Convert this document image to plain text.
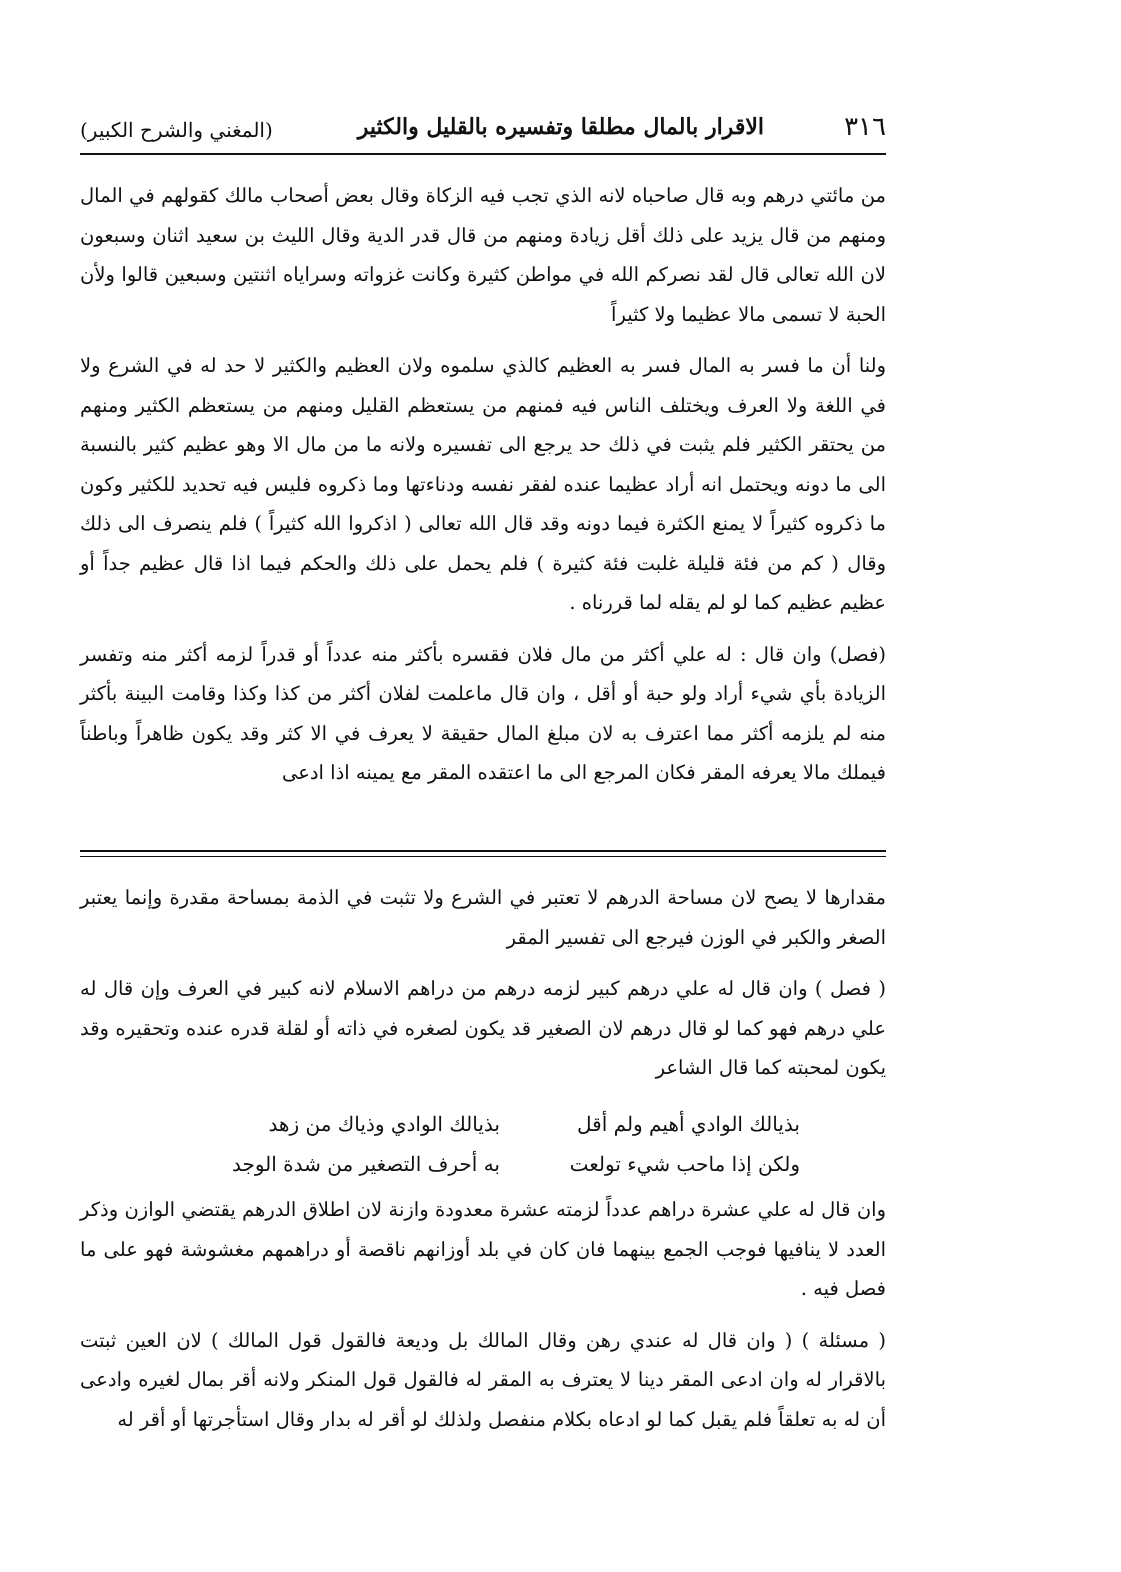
٣١٦
الاقرار بالمال مطلقا وتفسيره بالقليل والكثير
(المغني والشرح الكبير)

من مائتي درهم وبه قال صاحباه لانه الذي تجب فيه الزكاة وقال بعض أصحاب مالك كقولهم في المال ومنهم من قال يزيد على ذلك أقل زيادة ومنهم من قال قدر الدية وقال الليث بن سعيد اثنان وسبعون لان الله تعالى قال لقد نصركم الله في مواطن كثيرة وكانت غزواته وسراياه اثنتين وسبعين قالوا ولأن الحبة لا تسمى مالا عظيما ولا كثيراً

ولنا أن ما فسر به المال فسر به العظيم كالذي سلموه ولان العظيم والكثير لا حد له في الشرع ولا في اللغة ولا العرف ويختلف الناس فيه فمنهم من يستعظم القليل ومنهم من يستعظم الكثير ومنهم من يحتقر الكثير فلم يثبت في ذلك حد يرجع الى تفسيره ولانه ما من مال الا وهو عظيم كثير بالنسبة الى ما دونه ويحتمل انه أراد عظيما عنده لفقر نفسه ودناءتها وما ذكروه فليس فيه تحديد للكثير وكون ما ذكروه كثيراً لا يمنع الكثرة فيما دونه وقد قال الله تعالى ( اذكروا الله كثيراً ) فلم ينصرف الى ذلك وقال ( كم من فئة قليلة غلبت فئة كثيرة ) فلم يحمل على ذلك والحكم فيما اذا قال عظيم جداً أو عظيم عظيم كما لو لم يقله لما قررناه .

(فصل) وان قال : له علي أكثر من مال فلان فقسره بأكثر منه عدداً أو قدراً لزمه أكثر منه وتفسر الزيادة بأي شيء أراد ولو حبة أو أقل ، وان قال ماعلمت لفلان أكثر من كذا وكذا وقامت البينة بأكثر منه لم يلزمه أكثر مما اعترف به لان مبلغ المال حقيقة لا يعرف في الا كثر وقد يكون ظاهراً وباطناً فيملك مالا يعرفه المقر فكان المرجع الى ما اعتقده المقر مع يمينه اذا ادعى

مقدارها لا يصح لان مساحة الدرهم لا تعتبر في الشرع ولا تثبت في الذمة بمساحة مقدرة وإنما يعتبر الصغر والكبر في الوزن فيرجع الى تفسير المقر

( فصل ) وان قال له علي درهم كبير لزمه درهم من دراهم الاسلام لانه كبير في العرف وإن قال له علي درهم فهو كما لو قال درهم لان الصغير قد يكون لصغره في ذاته أو لقلة قدره عنده وتحقيره وقد يكون لمحبته كما قال الشاعر

بذيالك الوادي أهيم ولم أقل
بذيالك الوادي وذياك من زهد
ولكن إذا ماحب شيء تولعت
به أحرف التصغير من شدة الوجد

وان قال له علي عشرة دراهم عدداً لزمته عشرة معدودة وازنة لان اطلاق الدرهم يقتضي الوازن وذكر العدد لا ينافيها فوجب الجمع بينهما فان كان في بلد أوزانهم ناقصة أو دراهمهم مغشوشة فهو على ما فصل فيه .

( مسئلة ) ( وان قال له عندي رهن وقال المالك بل وديعة فالقول قول المالك ) لان العين ثبتت بالاقرار له وان ادعى المقر دينا لا يعترف به المقر له فالقول قول المنكر ولانه أقر بمال لغيره وادعى أن له به تعلقاً فلم يقبل كما لو ادعاه بكلام منفصل ولذلك لو أقر له بدار وقال استأجرتها أو أقر له
